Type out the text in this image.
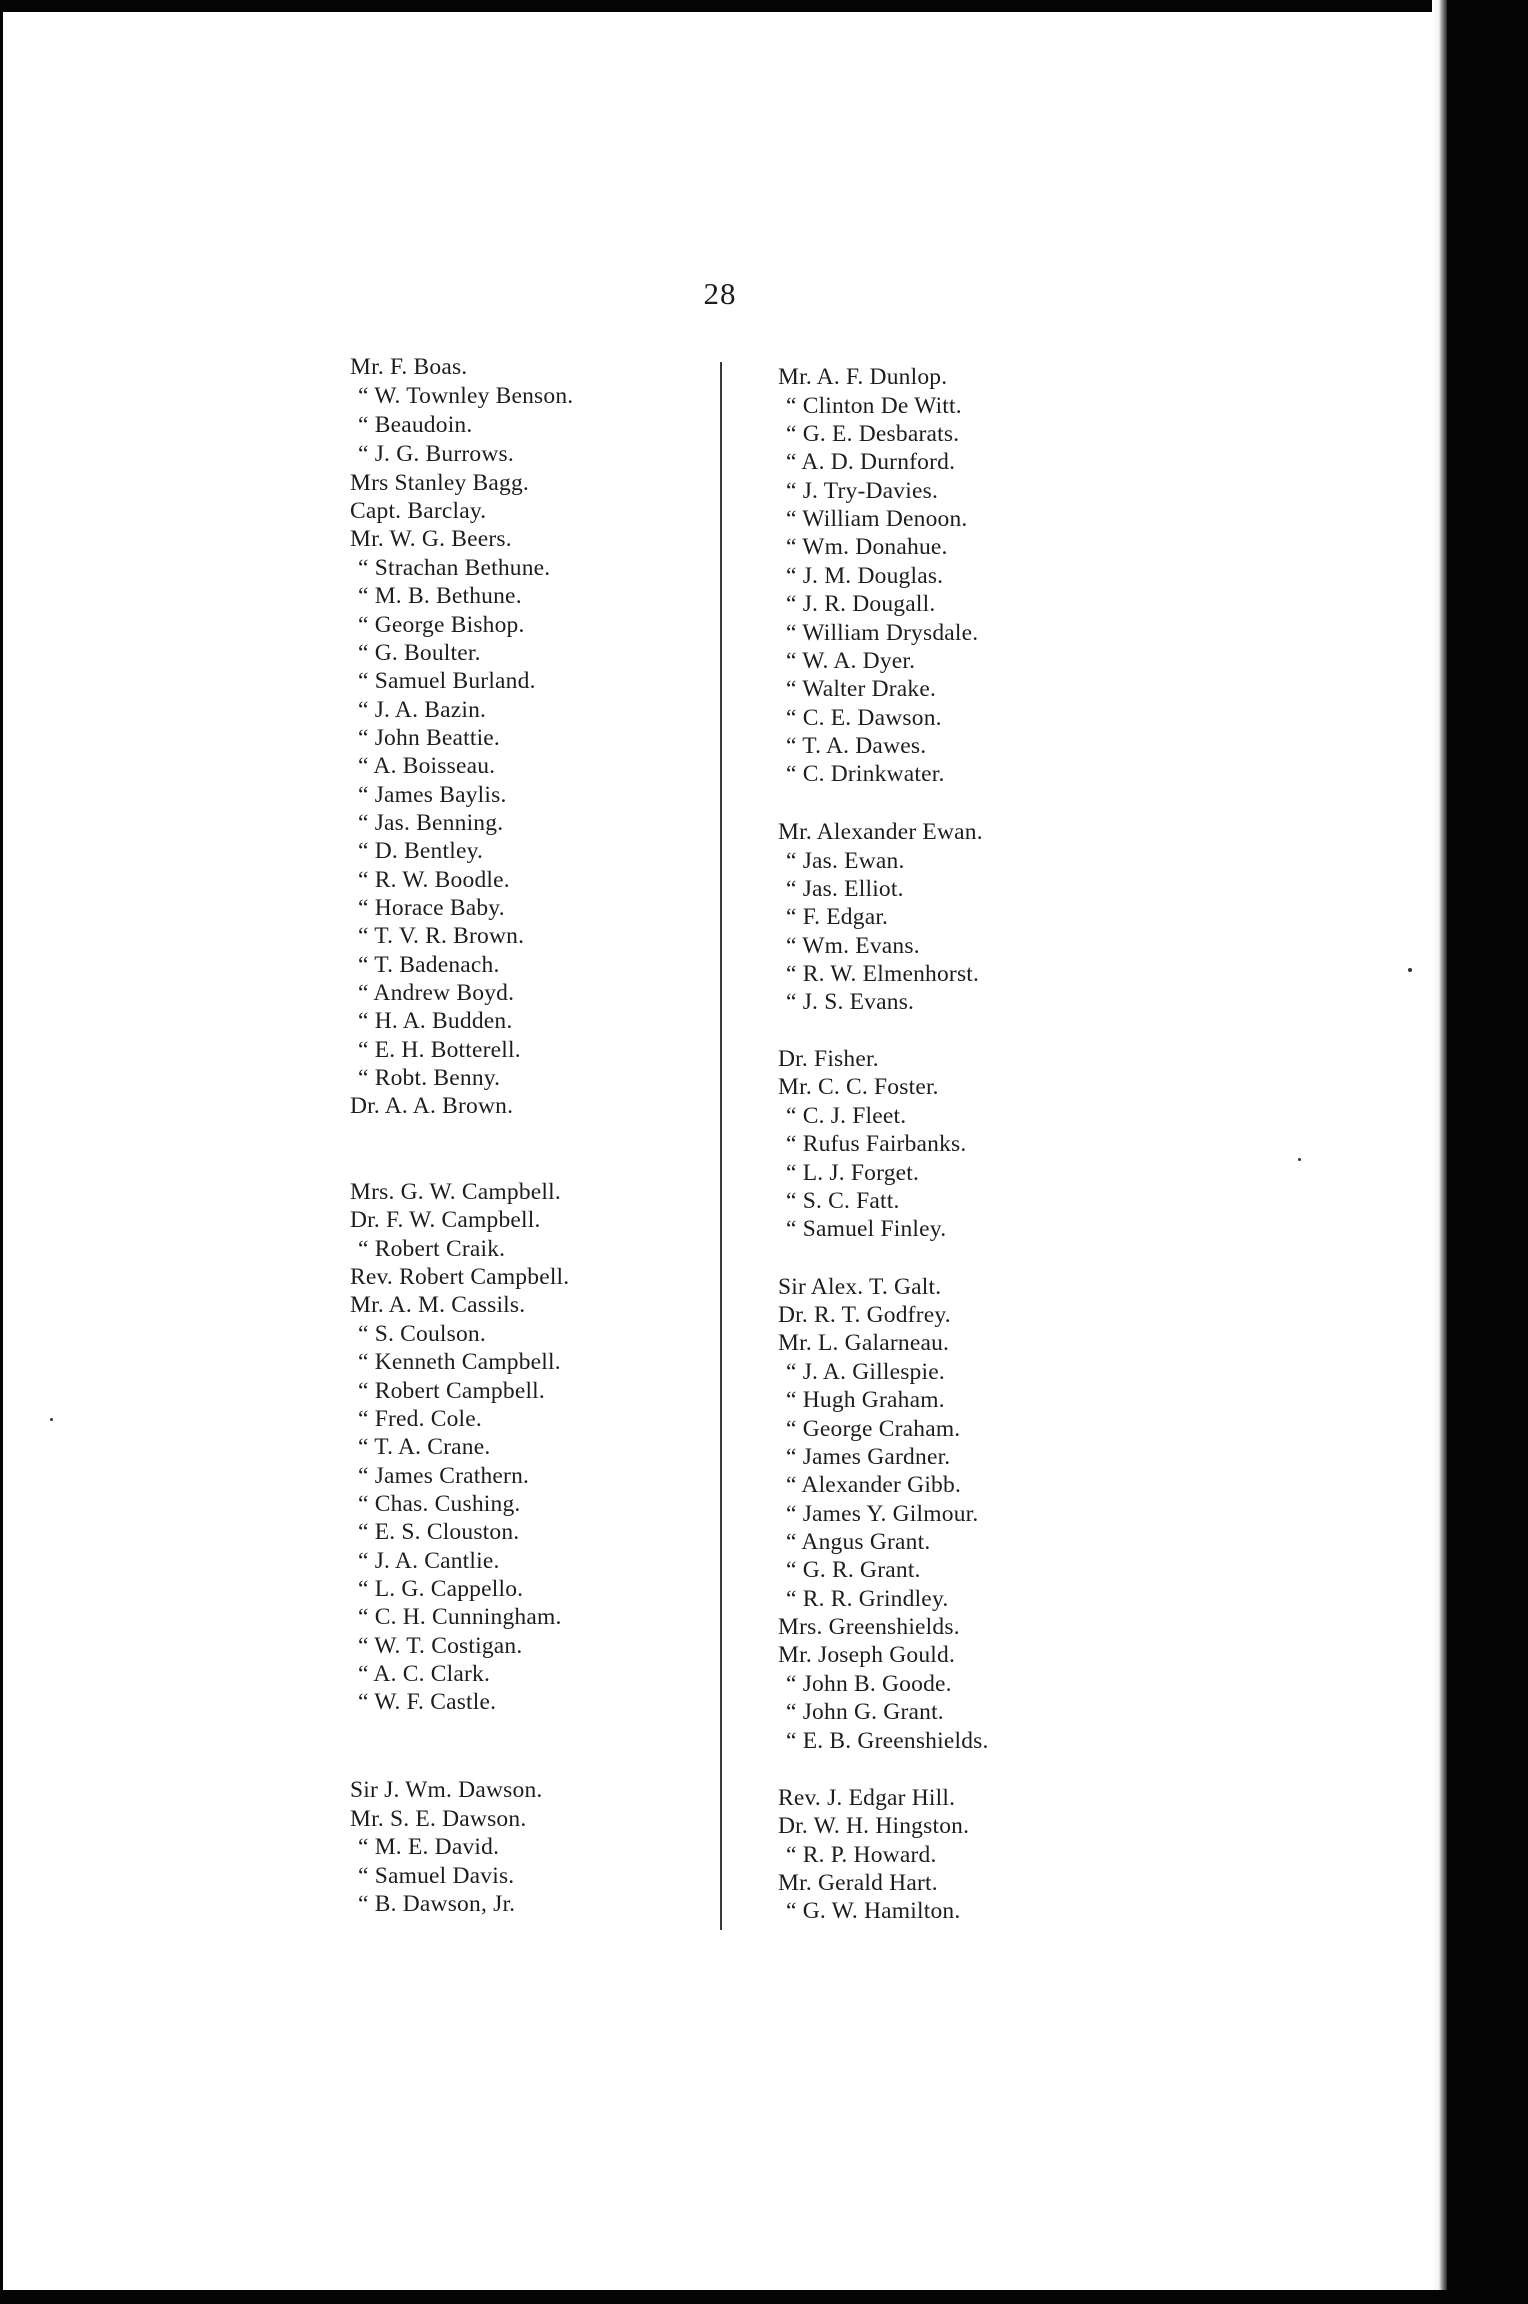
28
Mr. F. Boas.
“ W. Townley Benson.
“ Beaudoin.
“ J. G. Burrows.
Mrs Stanley Bagg.
Capt. Barclay.
Mr. W. G. Beers.
“ Strachan Bethune.
“ M. B. Bethune.
“ George Bishop.
“ G. Boulter.
“ Samuel Burland.
“ J. A. Bazin.
“ John Beattie.
“ A. Boisseau.
“ James Baylis.
“ Jas. Benning.
“ D. Bentley.
“ R. W. Boodle.
“ Horace Baby.
“ T. V. R. Brown.
“ T. Badenach.
“ Andrew Boyd.
“ H. A. Budden.
“ E. H. Botterell.
“ Robt. Benny.
Dr. A. A. Brown.
Mrs. G. W. Campbell.
Dr. F. W. Campbell.
“ Robert Craik.
Rev. Robert Campbell.
Mr. A. M. Cassils.
“ S. Coulson.
“ Kenneth Campbell.
“ Robert Campbell.
“ Fred. Cole.
“ T. A. Crane.
“ James Crathern.
“ Chas. Cushing.
“ E. S. Clouston.
“ J. A. Cantlie.
“ L. G. Cappello.
“ C. H. Cunningham.
“ W. T. Costigan.
“ A. C. Clark.
“ W. F. Castle.
Sir J. Wm. Dawson.
Mr. S. E. Dawson.
“ M. E. David.
“ Samuel Davis.
“ B. Dawson, Jr.
Mr. A. F. Dunlop.
“ Clinton De Witt.
“ G. E. Desbarats.
“ A. D. Durnford.
“ J. Try-Davies.
“ William Denoon.
“ Wm. Donahue.
“ J. M. Douglas.
“ J. R. Dougall.
“ William Drysdale.
“ W. A. Dyer.
“ Walter Drake.
“ C. E. Dawson.
“ T. A. Dawes.
“ C. Drinkwater.
Mr. Alexander Ewan.
“ Jas. Ewan.
“ Jas. Elliot.
“ F. Edgar.
“ Wm. Evans.
“ R. W. Elmenhorst.
“ J. S. Evans.
Dr. Fisher.
Mr. C. C. Foster.
“ C. J. Fleet.
“ Rufus Fairbanks.
“ L. J. Forget.
“ S. C. Fatt.
“ Samuel Finley.
Sir Alex. T. Galt.
Dr. R. T. Godfrey.
Mr. L. Galarneau.
“ J. A. Gillespie.
“ Hugh Graham.
“ George Craham.
“ James Gardner.
“ Alexander Gibb.
“ James Y. Gilmour.
“ Angus Grant.
“ G. R. Grant.
“ R. R. Grindley.
Mrs. Greenshields.
Mr. Joseph Gould.
“ John B. Goode.
“ John G. Grant.
“ E. B. Greenshields.
Rev. J. Edgar Hill.
Dr. W. H. Hingston.
“ R. P. Howard.
Mr. Gerald Hart.
“ G. W. Hamilton.
